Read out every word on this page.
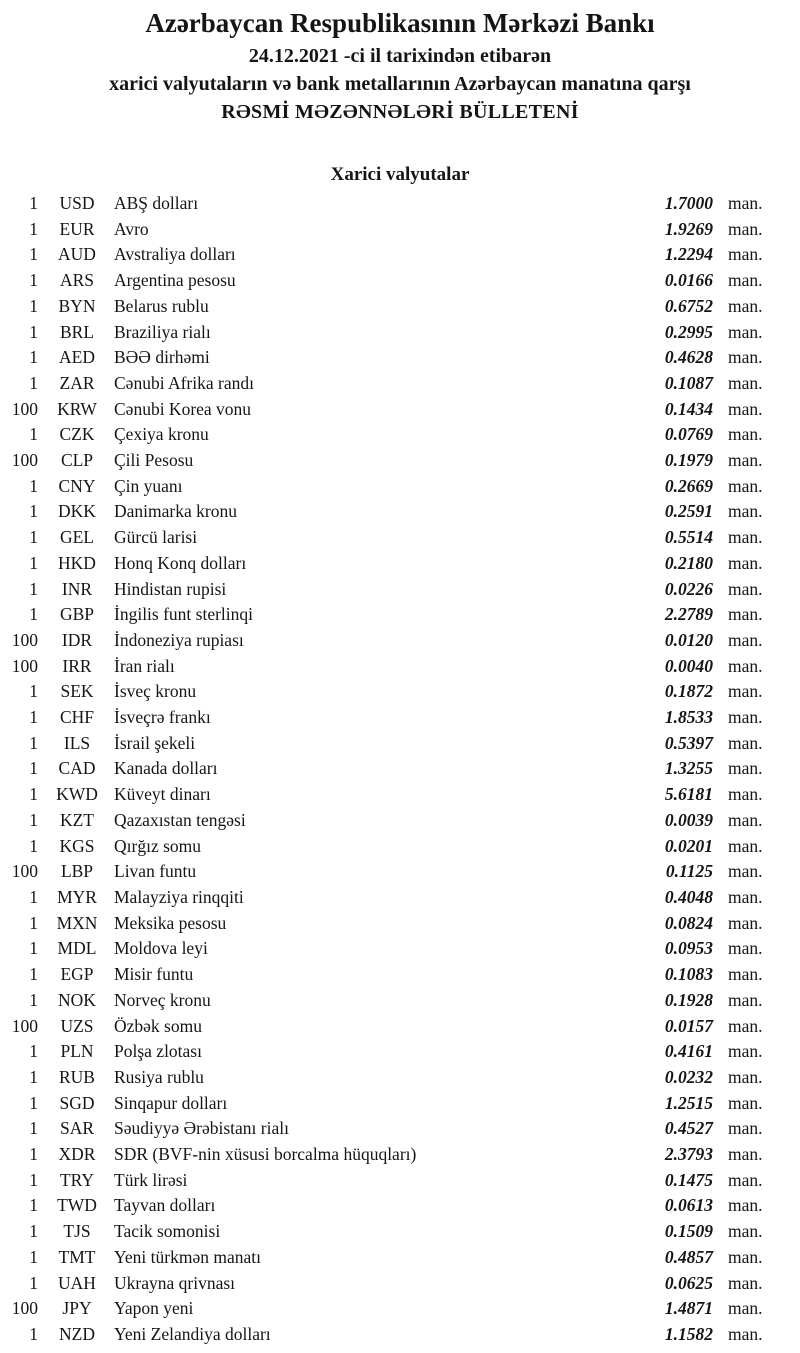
Azərbaycan Respublikasının Mərkəzi Bankı
24.12.2021 -ci il tarixindən etibarən
xarici valyutaların və bank metallarının Azərbaycan manatına qarşı
RƏSMİ MƏZƏNNƏLƏRİ BÜLLETENİ
Xarici valyutalar
1	USD	ABŞ dolları	1.7000 man.
1	EUR	Avro	1.9269 man.
1	AUD	Avstraliya dolları	1.2294 man.
1	ARS	Argentina pesosu	0.0166 man.
1	BYN	Belarus rublu	0.6752 man.
1	BRL	Braziliya rialı	0.2995 man.
1	AED	BƏƏ dirhəmi	0.4628 man.
1	ZAR	Cənubi Afrika randı	0.1087 man.
100	KRW Cənubi Korea vonu	0.1434 man.
1	CZK	Çexiya kronu	0.0769 man.
100	CLP	Çili Pesosu	0.1979 man.
1	CNY	Çin yuanı	0.2669 man.
1	DKK	Danimarka kronu	0.2591 man.
1	GEL	Gürcü larisi	0.5514 man.
1	HKD	Honq Konq dolları	0.2180 man.
1	INR	Hindistan rupisi	0.0226 man.
1	GBP	İngilis funt sterlinqi	2.2789 man.
100	IDR	İndoneziya rupiası	0.0120 man.
100	IRR	İran rialı	0.0040 man.
1	SEK	İsveç kronu	0.1872 man.
1	CHF	İsveçrə frankı	1.8533 man.
1	ILS	İsrail şekeli	0.5397 man.
1	CAD	Kanada dolları	1.3255 man.
1	KWD Küveyt dinarı	5.6181 man.
1	KZT	Qazaxıstan tengəsi	0.0039 man.
1	KGS	Qırğız somu	0.0201 man.
100	LBP	Livan funtu	0.1125 man.
1	MYR Malayziya rinqqiti	0.4048 man.
1	MXN Meksika pesosu	0.0824 man.
1	MDL	Moldova leyi	0.0953 man.
1	EGP	Misir funtu	0.1083 man.
1	NOK	Norveç kronu	0.1928 man.
100	UZS	Özbək somu	0.0157 man.
1	PLN	Polşa zlotası	0.4161 man.
1	RUB	Rusiya rublu	0.0232 man.
1	SGD	Sinqapur dolları	1.2515 man.
1	SAR	Səudiyyə Ərəbistanı rialı	0.4527 man.
1	XDR	SDR (BVF-nin xüsusi borcalma hüquqları)	2.3793 man.
1	TRY	Türk lirəsi	0.1475 man.
1	TWD Tayvan dolları	0.0613 man.
1	TJS	Tacik somonisi	0.1509 man.
1	TMT	Yeni türkmən manatı	0.4857 man.
1	UAH	Ukrayna qrivnası	0.0625 man.
100	JPY	Yapon yeni	1.4871 man.
1	NZD	Yeni Zelandiya dolları	1.1582 man.
